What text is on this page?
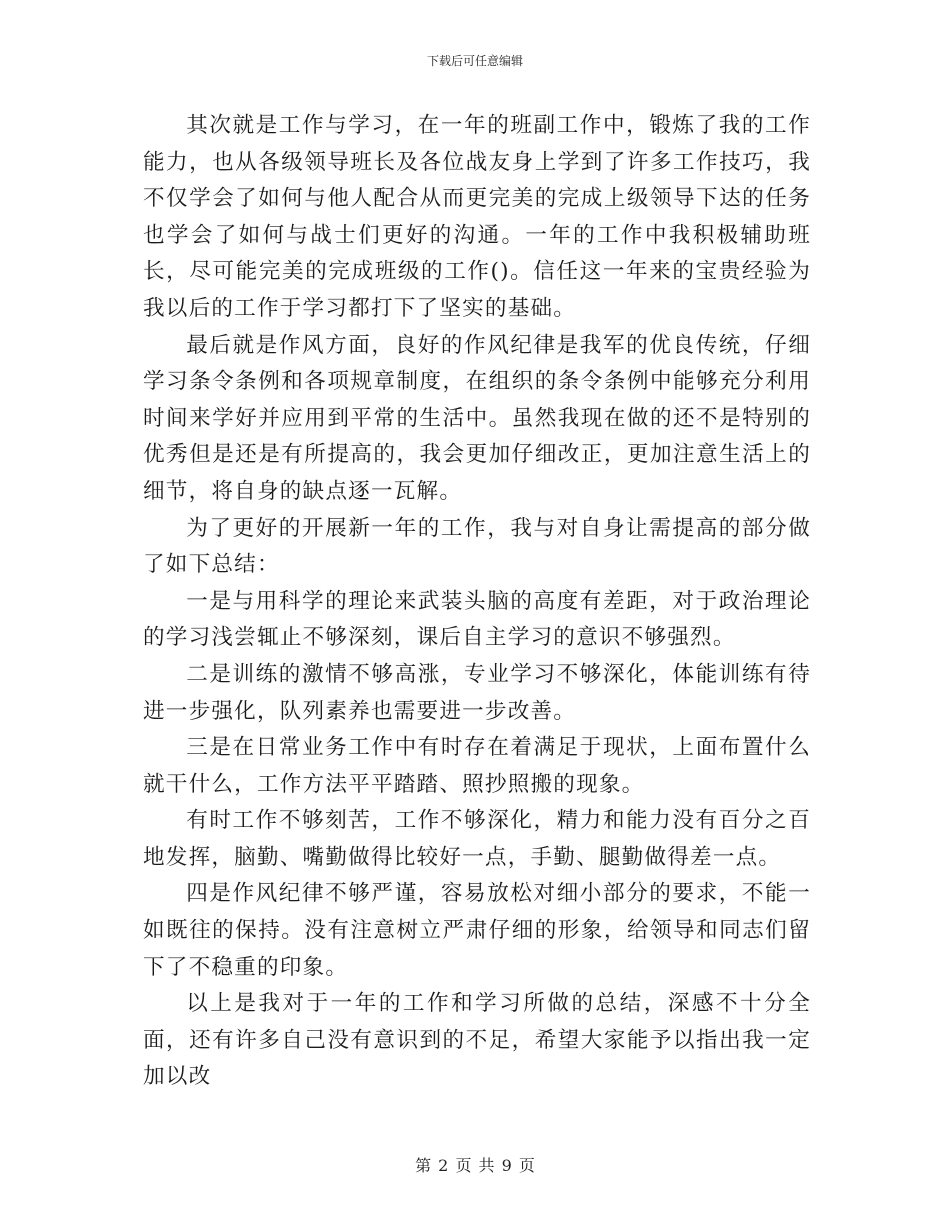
下载后可任意编辑

其次就是工作与学习，在一年的班副工作中，锻炼了我的工作能力，也从各级领导班长及各位战友身上学到了许多工作技巧，我不仅学会了如何与他人配合从而更完美的完成上级领导下达的任务也学会了如何与战士们更好的沟通。一年的工作中我积极辅助班长，尽可能完美的完成班级的工作()。信任这一年来的宝贵经验为我以后的工作于学习都打下了坚实的基础。

最后就是作风方面，良好的作风纪律是我军的优良传统，仔细学习条令条例和各项规章制度，在组织的条令条例中能够充分利用时间来学好并应用到平常的生活中。虽然我现在做的还不是特别的优秀但是还是有所提高的，我会更加仔细改正，更加注意生活上的细节，将自身的缺点逐一瓦解。

为了更好的开展新一年的工作，我与对自身让需提高的部分做了如下总结：

一是与用科学的理论来武装头脑的高度有差距，对于政治理论的学习浅尝辄止不够深刻，课后自主学习的意识不够强烈。

二是训练的激情不够高涨，专业学习不够深化，体能训练有待进一步强化，队列素养也需要进一步改善。

三是在日常业务工作中有时存在着满足于现状，上面布置什么就干什么，工作方法平平踏踏、照抄照搬的现象。

有时工作不够刻苦，工作不够深化，精力和能力没有百分之百地发挥，脑勤、嘴勤做得比较好一点，手勤、腿勤做得差一点。

四是作风纪律不够严谨，容易放松对细小部分的要求，不能一如既往的保持。没有注意树立严肃仔细的形象，给领导和同志们留下了不稳重的印象。

以上是我对于一年的工作和学习所做的总结，深感不十分全面，还有许多自己没有意识到的不足，希望大家能予以指出我一定加以改

第 2 页 共 9 页
